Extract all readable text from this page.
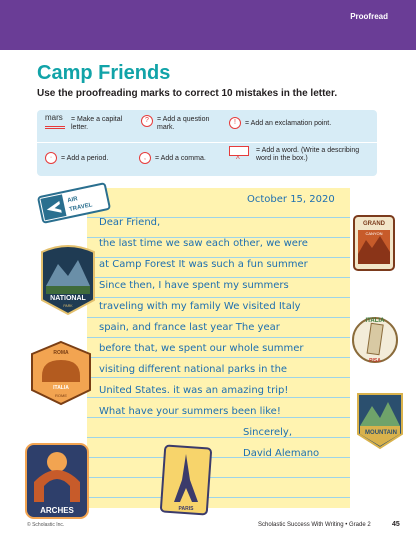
Proofread
Camp Friends
Use the proofreading marks to correct 10 mistakes in the letter.
mars = Make a capital letter.
?	= Add a question mark.
!	= Add an exclamation point.
·	= Add a period.	,	= Add a comma.	^
= Add a word. (Write a describing word in the box.)
October 15, 2020
Dear Friend,
the last time we saw each other, we were
at Camp Forest It was such a fun summer
Since then, I have spent my summers
traveling with my family We visited Italy
spain, and france last year The year
before that, we spent our whole summer
visiting different national parks in the
United States. it was an amazing trip!
What have your summers been like!
Sincerely,
David Alemano
AIR
TRAVEL
GRAND
CANYON
NATIONAL
PARK
ITALIA
PISA
ROMA
ITALIA
ROME
MOUNTAIN
ARCHES	PARIS
© Scholastic Inc.	Scholastic Success With Writing • Grade 2	45
